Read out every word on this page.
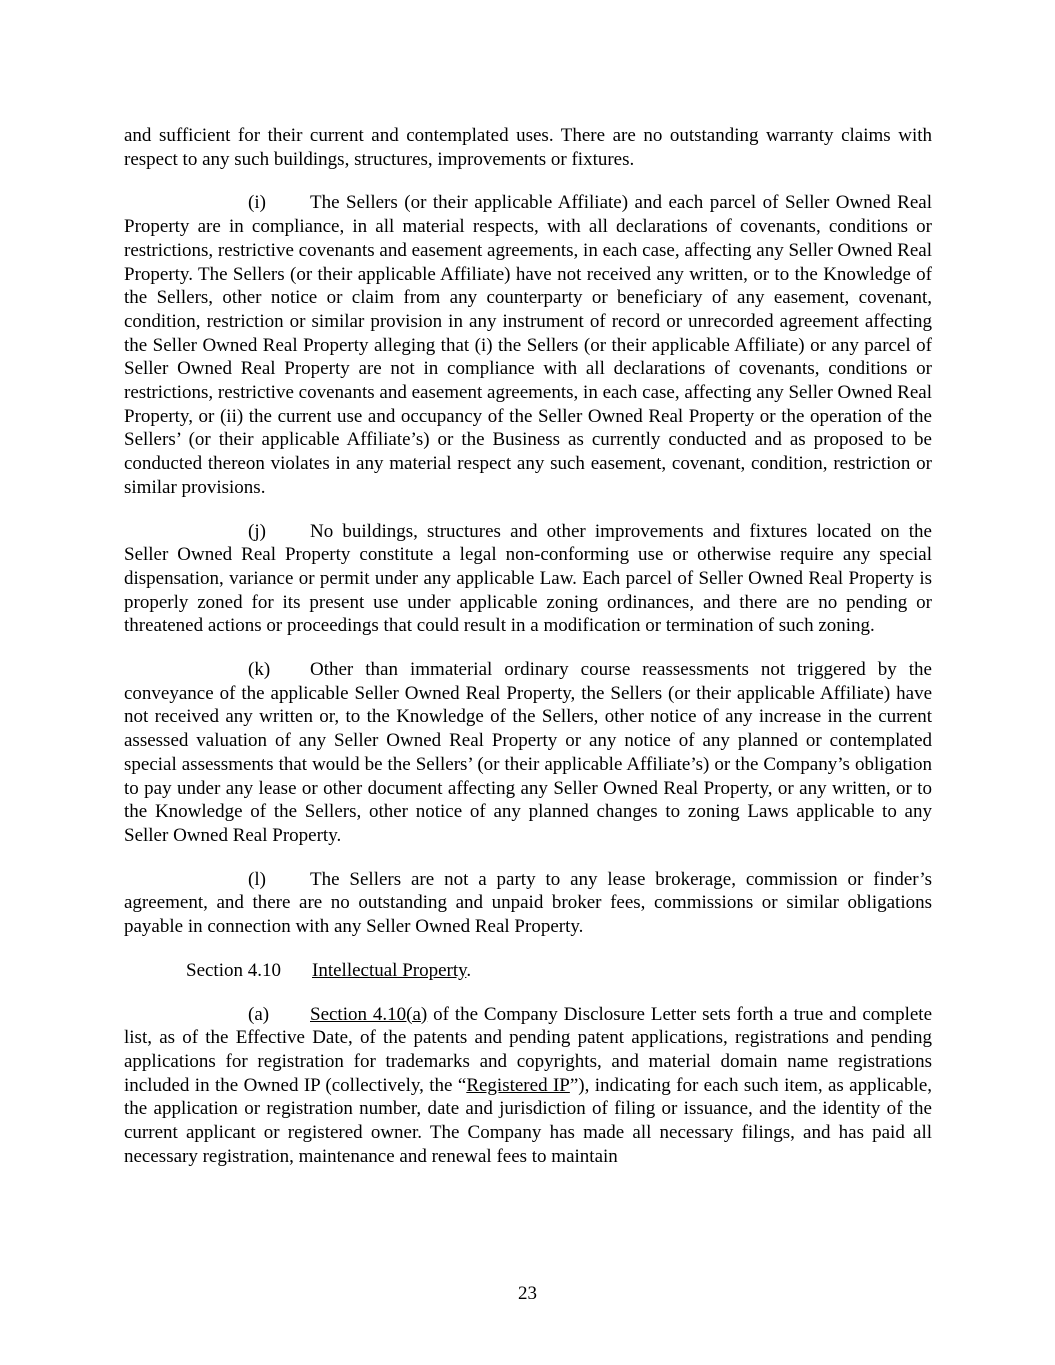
and sufficient for their current and contemplated uses. There are no outstanding warranty claims with respect to any such buildings, structures, improvements or fixtures.

(i) The Sellers (or their applicable Affiliate) and each parcel of Seller Owned Real Property are in compliance, in all material respects, with all declarations of covenants, conditions or restrictions, restrictive covenants and easement agreements, in each case, affecting any Seller Owned Real Property. The Sellers (or their applicable Affiliate) have not received any written, or to the Knowledge of the Sellers, other notice or claim from any counterparty or beneficiary of any easement, covenant, condition, restriction or similar provision in any instrument of record or unrecorded agreement affecting the Seller Owned Real Property alleging that (i) the Sellers (or their applicable Affiliate) or any parcel of Seller Owned Real Property are not in compliance with all declarations of covenants, conditions or restrictions, restrictive covenants and easement agreements, in each case, affecting any Seller Owned Real Property, or (ii) the current use and occupancy of the Seller Owned Real Property or the operation of the Sellers’ (or their applicable Affiliate’s) or the Business as currently conducted and as proposed to be conducted thereon violates in any material respect any such easement, covenant, condition, restriction or similar provisions.

(j) No buildings, structures and other improvements and fixtures located on the Seller Owned Real Property constitute a legal non-conforming use or otherwise require any special dispensation, variance or permit under any applicable Law. Each parcel of Seller Owned Real Property is properly zoned for its present use under applicable zoning ordinances, and there are no pending or threatened actions or proceedings that could result in a modification or termination of such zoning.

(k) Other than immaterial ordinary course reassessments not triggered by the conveyance of the applicable Seller Owned Real Property, the Sellers (or their applicable Affiliate) have not received any written or, to the Knowledge of the Sellers, other notice of any increase in the current assessed valuation of any Seller Owned Real Property or any notice of any planned or contemplated special assessments that would be the Sellers’ (or their applicable Affiliate’s) or the Company’s obligation to pay under any lease or other document affecting any Seller Owned Real Property, or any written, or to the Knowledge of the Sellers, other notice of any planned changes to zoning Laws applicable to any Seller Owned Real Property.

(l) The Sellers are not a party to any lease brokerage, commission or finder’s agreement, and there are no outstanding and unpaid broker fees, commissions or similar obligations payable in connection with any Seller Owned Real Property.

Section 4.10 Intellectual Property.

(a) Section 4.10(a) of the Company Disclosure Letter sets forth a true and complete list, as of the Effective Date, of the patents and pending patent applications, registrations and pending applications for registration for trademarks and copyrights, and material domain name registrations included in the Owned IP (collectively, the “Registered IP”), indicating for each such item, as applicable, the application or registration number, date and jurisdiction of filing or issuance, and the identity of the current applicant or registered owner. The Company has made all necessary filings, and has paid all necessary registration, maintenance and renewal fees to maintain

23
